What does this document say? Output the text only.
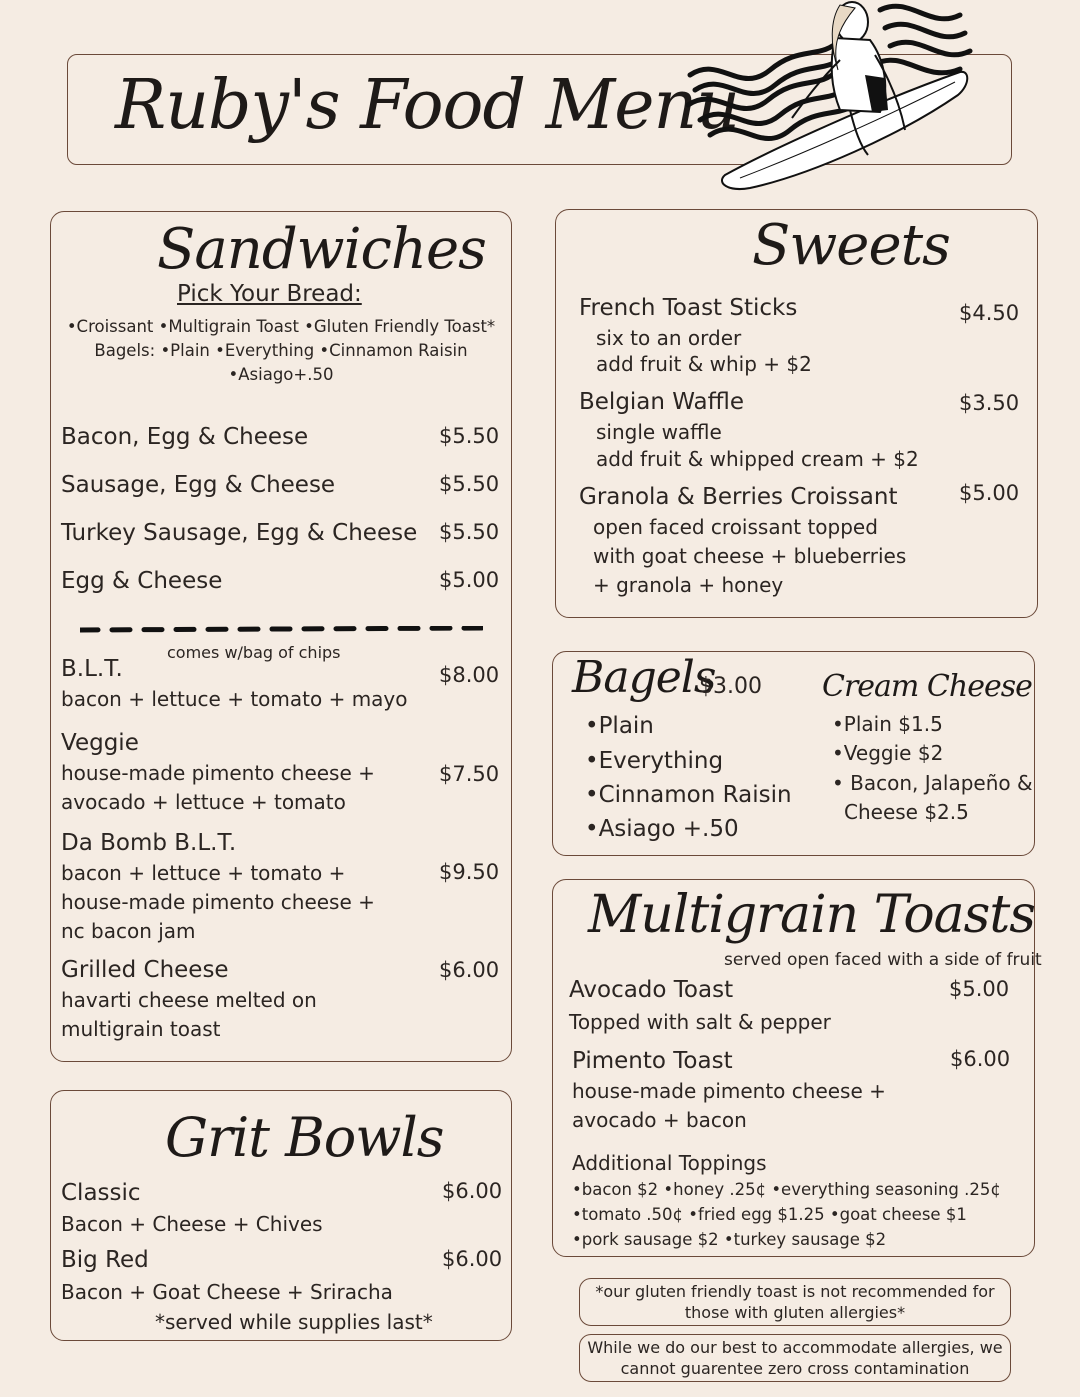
Ruby's Food Menu
Sandwiches
Pick Your Bread:
•Croissant •Multigrain Toast •Gluten Friendly Toast*
Bagels: •Plain •Everything •Cinnamon Raisin
•Asiago+.50
Bacon, Egg & Cheese	$5.50
Sausage, Egg & Cheese	$5.50
Turkey Sausage, Egg & Cheese $5.50
Egg & Cheese	$5.00
comes w/bag of chips
B.L.T.	$8.00
bacon + lettuce + tomato + mayo
Veggie
$7.50
house-made pimento cheese +
avocado + lettuce + tomato
Da Bomb B.L.T.
$9.50
bacon + lettuce + tomato +
house-made pimento cheese +
nc bacon jam
Grilled Cheese	$6.00
havarti cheese melted on
multigrain toast
Grit Bowls
Classic	$6.00
Bacon + Cheese + Chives
Big Red	$6.00
Bacon + Goat Cheese + Sriracha
*served while supplies last*
Sweets
French Toast Sticks	$4.50
six to an order
add fruit & whip + $2
Belgian Waffle	$3.50
single waffle
add fruit & whipped cream + $2
Granola & Berries Croissant	$5.00
open faced croissant topped
with goat cheese + blueberries
+ granola + honey
Bagels
$3.00
•Plain
•Everything
•Cinnamon Raisin
•Asiago +.50
Cream Cheese
•Plain $1.5
•Veggie $2
• Bacon, Jalapeño &
Cheese $2.5
Multigrain Toasts
served open faced with a side of fruit
Avocado Toast	$5.00
Topped with salt & pepper
Pimento Toast	$6.00
house-made pimento cheese +
avocado + bacon
Additional Toppings
•bacon $2 •honey .25¢ •everything seasoning .25¢
•tomato .50¢ •fried egg $1.25 •goat cheese $1
•pork sausage $2 •turkey sausage $2
*our gluten friendly toast is not recommended for
those with gluten allergies*
While we do our best to accommodate allergies, we
cannot guarentee zero cross contamination
